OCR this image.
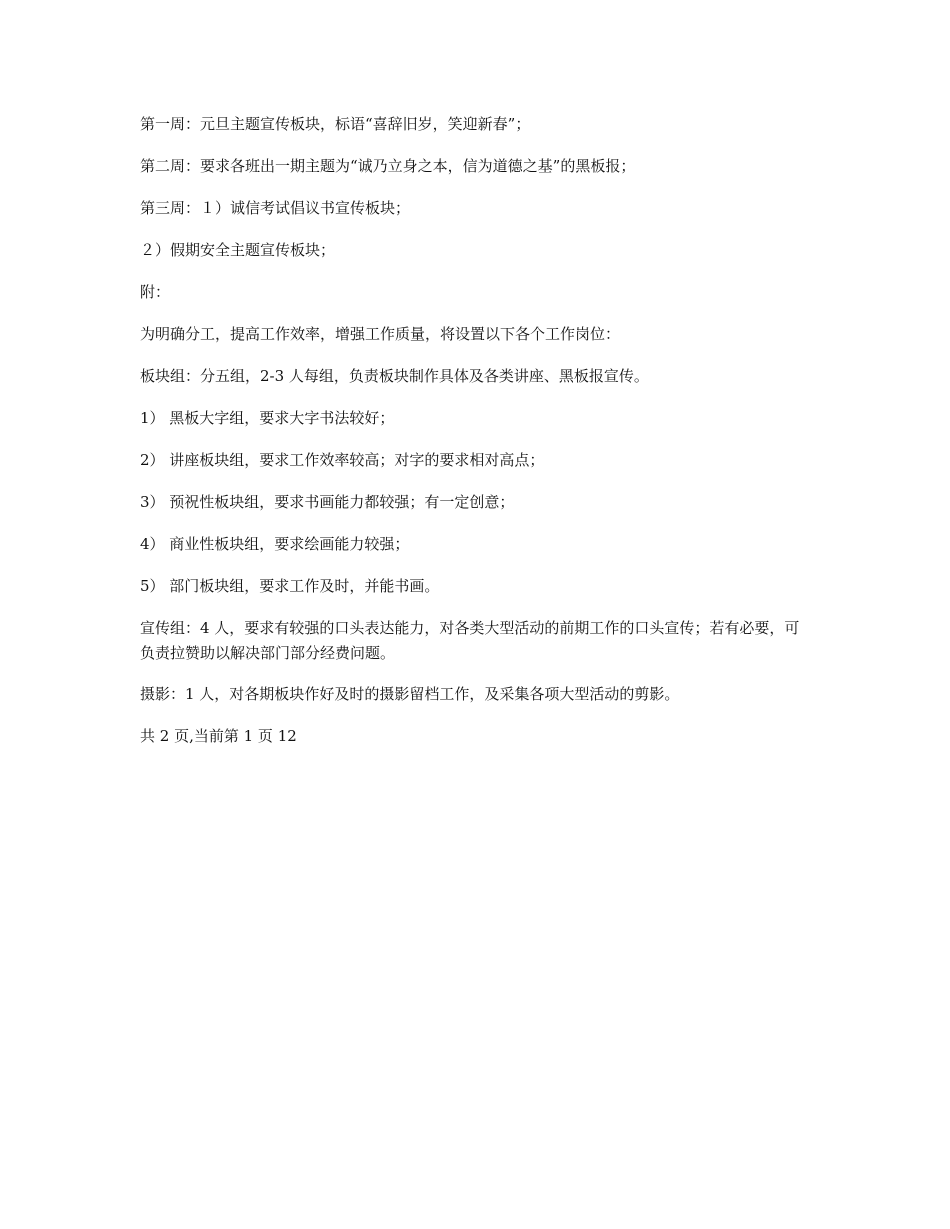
第一周：元旦主题宣传板块，标语“喜辞旧岁，笑迎新春”；

第二周：要求各班出一期主题为“诚乃立身之本，信为道德之基”的黑板报；

第三周：１）诚信考试倡议书宣传板块；

２）假期安全主题宣传板块；

附：

为明确分工，提高工作效率，增强工作质量，将设置以下各个工作岗位：

板块组：分五组，2-3 人每组，负责板块制作具体及各类讲座、黑板报宣传。

1） 黑板大字组，要求大字书法较好；

2） 讲座板块组，要求工作效率较高；对字的要求相对高点；

3） 预祝性板块组，要求书画能力都较强；有一定创意；

4） 商业性板块组，要求绘画能力较强；

5） 部门板块组，要求工作及时，并能书画。

宣传组：4 人，要求有较强的口头表达能力，对各类大型活动的前期工作的口头宣传；若有必要，可负责拉赞助以解决部门部分经费问题。

摄影：1 人，对各期板块作好及时的摄影留档工作，及采集各项大型活动的剪影。

共 2 页,当前第 1 页 12
